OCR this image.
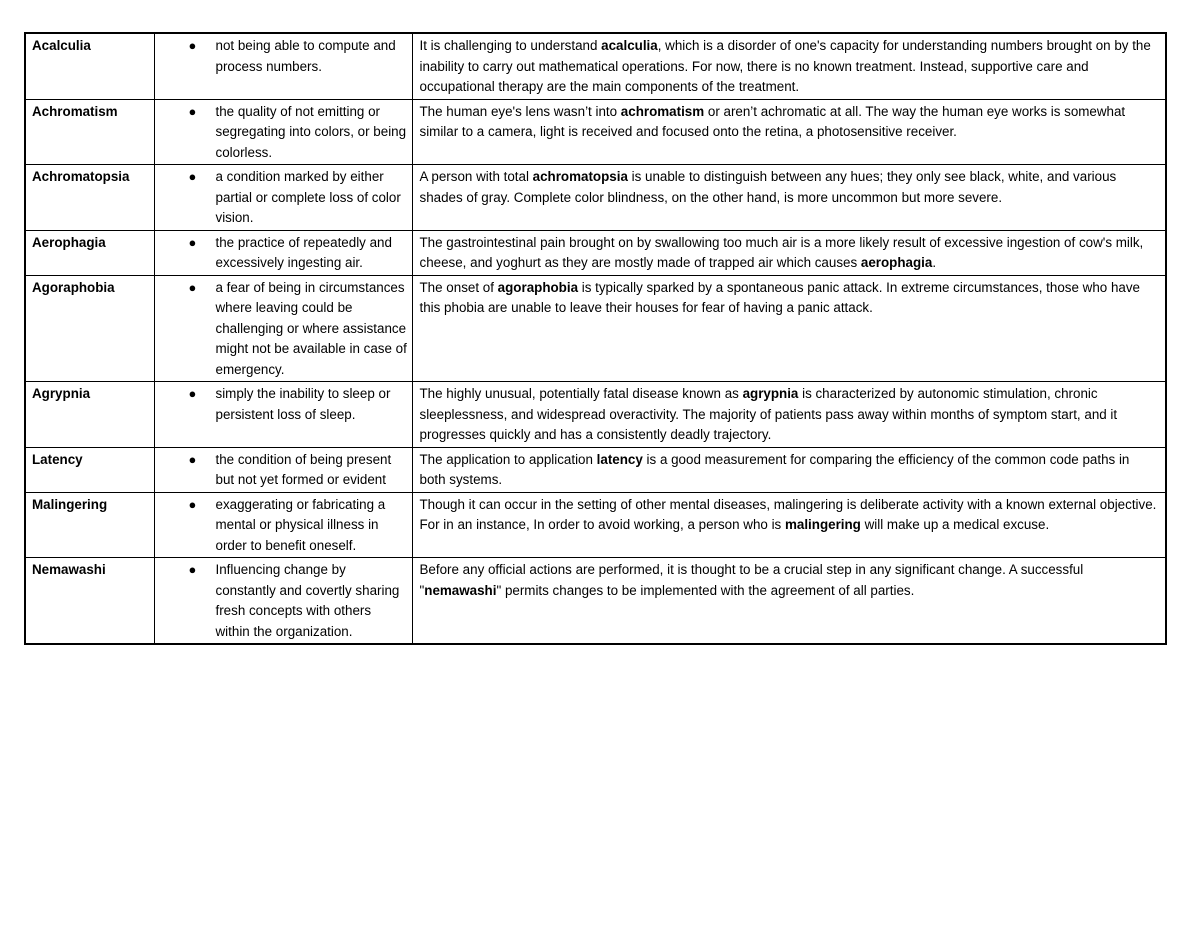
Acalculia	● not being able to compute and process numbers.	It is challenging to understand acalculia, which is a disorder of one's capacity for understanding numbers brought on by the inability to carry out mathematical operations. For now, there is no known treatment. Instead, supportive care and occupational therapy are the main components of the treatment.
Achromatism	● the quality of not emitting or segregating into colors, or being colorless.	The human eye's lens wasn’t into achromatism or aren’t achromatic at all. The way the human eye works is somewhat similar to a camera, light is received and focused onto the retina, a photosensitive receiver.
Achromatopsia	● a condition marked by either partial or complete loss of color vision.	A person with total achromatopsia is unable to distinguish between any hues; they only see black, white, and various shades of gray. Complete color blindness, on the other hand, is more uncommon but more severe.
Aerophagia	● the practice of repeatedly and excessively ingesting air.	The gastrointestinal pain brought on by swallowing too much air is a more likely result of excessive ingestion of cow's milk, cheese, and yoghurt as they are mostly made of trapped air which causes aerophagia.
Agoraphobia	● a fear of being in circumstances where leaving could be challenging or where assistance might not be available in case of emergency.	The onset of agoraphobia is typically sparked by a spontaneous panic attack. In extreme circumstances, those who have this phobia are unable to leave their houses for fear of having a panic attack.
Agrypnia	● simply the inability to sleep or persistent loss of sleep.	The highly unusual, potentially fatal disease known as agrypnia is characterized by autonomic stimulation, chronic sleeplessness, and widespread overactivity. The majority of patients pass away within months of symptom start, and it progresses quickly and has a consistently deadly trajectory.
Latency	● the condition of being present but not yet formed or evident	The application to application latency is a good measurement for comparing the efficiency of the common code paths in both systems.
Malingering	● exaggerating or fabricating a mental or physical illness in order to benefit oneself.	Though it can occur in the setting of other mental diseases, malingering is deliberate activity with a known external objective. For in an instance, In order to avoid working, a person who is malingering will make up a medical excuse.
Nemawashi	● Influencing change by constantly and covertly sharing fresh concepts with others within the organization.	Before any official actions are performed, it is thought to be a crucial step in any significant change. A successful "nemawashi" permits changes to be implemented with the agreement of all parties.
